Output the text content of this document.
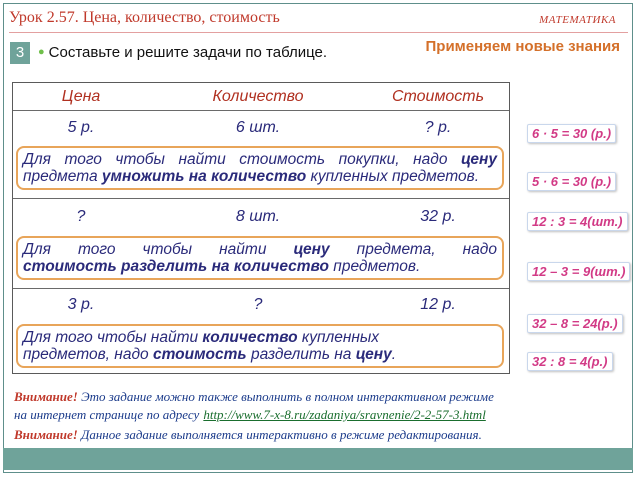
Урок 2.57. Цена, количество, стоимость	МАТЕМАТИКА
Применяем новые знания
3	● Составьте и решите задачи по таблице.
Цена	Количество	Стоимость
5 р.	6 шт.	? р.
?	8 шт.	32 р.
3 р.	?	12 р.
Для того чтобы найти стоимость покупки, надо цену
предмета умножить на количество купленных предметов.
Для того чтобы найти цену предмета, надо
стоимость разделить на количество предметов.
Для того чтобы найти количество купленных
предметов, надо стоимость разделить на цену.
6 · 5 = 30 (р.)
5 · 6 = 30 (р.)
12 : 3 = 4(шт.)
12 – 3 = 9(шт.)
32 – 8 = 24(р.)
32 : 8 = 4(р.)
Внимание! Это задание можно также выполнить в полном интерактивном режиме
на интернет странице по адресу http://www.7-x-8.ru/zadaniya/sravnenie/2-2-57-3.html
Внимание! Данное задание выполняется интерактивно в режиме редактирования.
